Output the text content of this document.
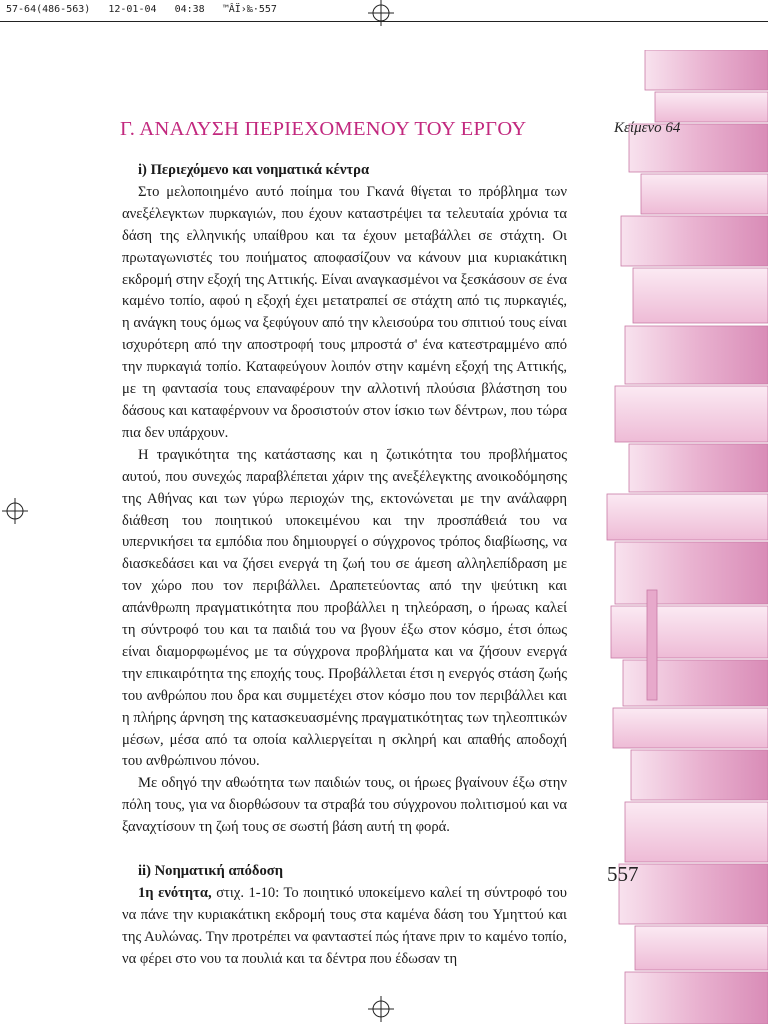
57-64(486-563)   12-01-04   04:38   ™ÂÏ›‰·557
Γ. ΑΝΑΛΥΣΗ ΠΕΡΙΕΧΟΜΕΝΟΥ ΤΟΥ ΕΡΓΟΥ	Κείμενο 64
i) Περιεχόμενο και νοηματικά κέντρα

Στο μελοποιημένο αυτό ποίημα του Γκανά θίγεται το πρόβλημα των ανεξέλεγκτων πυρκαγιών, που έχουν καταστρέψει τα τελευταία χρόνια τα δάση της ελληνικής υπαίθρου και τα έχουν μεταβάλλει σε στάχτη. Οι πρωταγωνιστές του ποιήματος αποφασίζουν να κάνουν μια κυριακάτικη εκδρομή στην εξοχή της Αττικής. Είναι αναγκασμένοι να ξεσκάσουν σε ένα καμένο τοπίο, αφού η εξοχή έχει μετατραπεί σε στάχτη από τις πυρκαγιές, η ανάγκη τους όμως να ξεφύγουν από την κλεισούρα του σπιτιού τους είναι ισχυρότερη από την αποστροφή τους μπροστά σ' ένα κατεστραμμένο από την πυρκαγιά τοπίο. Καταφεύγουν λοιπόν στην καμένη εξοχή της Αττικής, με τη φαντασία τους επαναφέρουν την αλλοτινή πλούσια βλάστηση του δάσους και καταφέρνουν να δροσιστούν στον ίσκιο των δέντρων, που τώρα πια δεν υπάρχουν.

Η τραγικότητα της κατάστασης και η ζωτικότητα του προβλήματος αυτού, που συνεχώς παραβλέπεται χάριν της ανεξέλεγκτης ανοικοδόμησης της Αθήνας και των γύρω περιοχών της, εκτονώνεται με την ανάλαφρη διάθεση του ποιητικού υποκειμένου και την προσπάθειά του να υπερνικήσει τα εμπόδια που δημιουργεί ο σύγχρονος τρόπος διαβίωσης, να διασκεδάσει και να ζήσει ενεργά τη ζωή του σε άμεση αλληλεπίδραση με τον χώρο που τον περιβάλλει. Δραπετεύοντας από την ψεύτικη και απάνθρωπη πραγματικότητα που προβάλλει η τηλεόραση, ο ήρωας καλεί τη σύντροφό του και τα παιδιά του να βγουν έξω στον κόσμο, έτσι όπως είναι διαμορφωμένος με τα σύγχρονα προβλήματα και να ζήσουν ενεργά την επικαιρότητα της εποχής τους. Προβάλλεται έτσι η ενεργός στάση ζωής του ανθρώπου που δρα και συμμετέχει στον κόσμο που τον περιβάλλει και η πλήρης άρνηση της κατασκευασμένης πραγματικότητας των τηλεοπτικών μέσων, μέσα από τα οποία καλλιεργείται η σκληρή και απαθής αποδοχή του ανθρώπινου πόνου.

Με οδηγό την αθωότητα των παιδιών τους, οι ήρωες βγαίνουν έξω στην πόλη τους, για να διορθώσουν τα στραβά του σύγχρονου πολιτισμού και να ξαναχτίσουν τη ζωή τους σε σωστή βάση αυτή τη φορά.

ii) Νοηματική απόδοση

1η ενότητα, στιχ. 1-10: Το ποιητικό υποκείμενο καλεί τη σύντροφό του να πάνε την κυριακάτικη εκδρομή τους στα καμένα δάση του Υμηττού και της Αυλώνας. Την προτρέπει να φανταστεί πώς ήτανε πριν το καμένο τοπίο, να φέρει στο νου τα πουλιά και τα δέντρα που έδωσαν τη

557
